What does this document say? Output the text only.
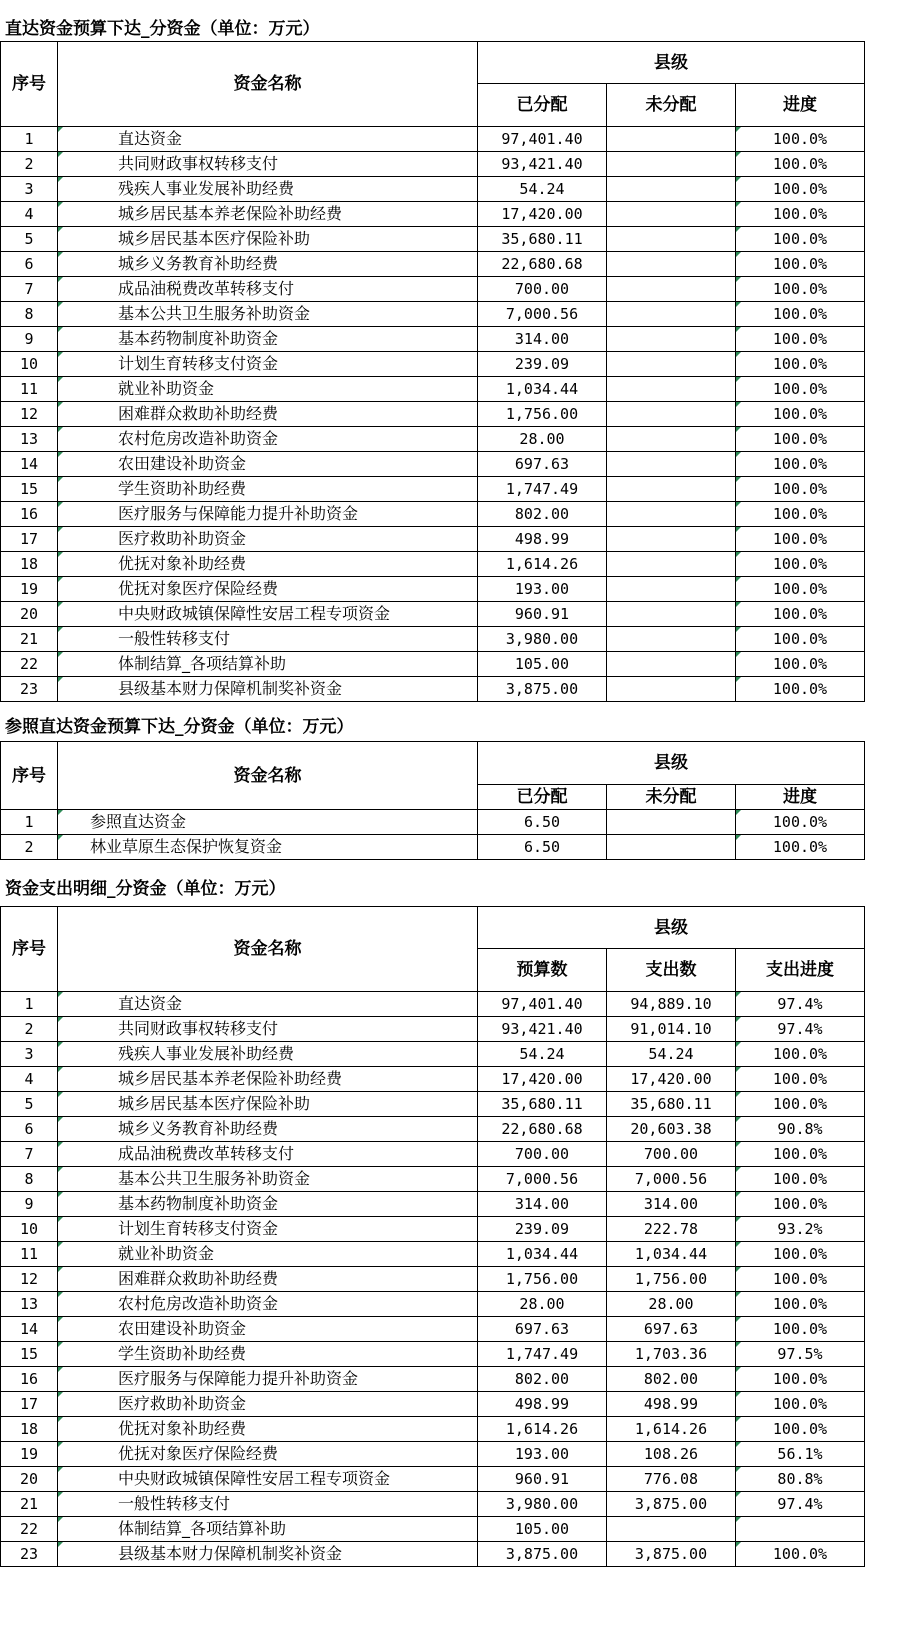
直达资金预算下达_分资金（单位：万元）
序号	资金名称	县级		
		已分配	未分配	进度
1	直达资金	97,401.40		100.0%
2	共同财政事权转移支付	93,421.40		100.0%
3	残疾人事业发展补助经费	54.24		100.0%
4	城乡居民基本养老保险补助经费	17,420.00		100.0%
5	城乡居民基本医疗保险补助	35,680.11		100.0%
6	城乡义务教育补助经费	22,680.68		100.0%
7	成品油税费改革转移支付	700.00		100.0%
8	基本公共卫生服务补助资金	7,000.56		100.0%
9	基本药物制度补助资金	314.00		100.0%
10	计划生育转移支付资金	239.09		100.0%
11	就业补助资金	1,034.44		100.0%
12	困难群众救助补助经费	1,756.00		100.0%
13	农村危房改造补助资金	28.00		100.0%
14	农田建设补助资金	697.63		100.0%
15	学生资助补助经费	1,747.49		100.0%
16	医疗服务与保障能力提升补助资金	802.00		100.0%
17	医疗救助补助资金	498.99		100.0%
18	优抚对象补助经费	1,614.26		100.0%
19	优抚对象医疗保险经费	193.00		100.0%
20	中央财政城镇保障性安居工程专项资金	960.91		100.0%
21	一般性转移支付	3,980.00		100.0%
22	体制结算_各项结算补助	105.00		100.0%
23	县级基本财力保障机制奖补资金	3,875.00		100.0%
参照直达资金预算下达_分资金（单位：万元）
序号	资金名称	县级		
		已分配	未分配	进度
1	参照直达资金	6.50		100.0%
2	林业草原生态保护恢复资金	6.50		100.0%
资金支出明细_分资金（单位：万元）
序号	资金名称	县级		
		预算数	支出数	支出进度
1	直达资金	97,401.40	94,889.10	97.4%
2	共同财政事权转移支付	93,421.40	91,014.10	97.4%
3	残疾人事业发展补助经费	54.24	54.24	100.0%
4	城乡居民基本养老保险补助经费	17,420.00	17,420.00	100.0%
5	城乡居民基本医疗保险补助	35,680.11	35,680.11	100.0%
6	城乡义务教育补助经费	22,680.68	20,603.38	90.8%
7	成品油税费改革转移支付	700.00	700.00	100.0%
8	基本公共卫生服务补助资金	7,000.56	7,000.56	100.0%
9	基本药物制度补助资金	314.00	314.00	100.0%
10	计划生育转移支付资金	239.09	222.78	93.2%
11	就业补助资金	1,034.44	1,034.44	100.0%
12	困难群众救助补助经费	1,756.00	1,756.00	100.0%
13	农村危房改造补助资金	28.00	28.00	100.0%
14	农田建设补助资金	697.63	697.63	100.0%
15	学生资助补助经费	1,747.49	1,703.36	97.5%
16	医疗服务与保障能力提升补助资金	802.00	802.00	100.0%
17	医疗救助补助资金	498.99	498.99	100.0%
18	优抚对象补助经费	1,614.26	1,614.26	100.0%
19	优抚对象医疗保险经费	193.00	108.26	56.1%
20	中央财政城镇保障性安居工程专项资金	960.91	776.08	80.8%
21	一般性转移支付	3,980.00	3,875.00	97.4%
22	体制结算_各项结算补助	105.00		
23	县级基本财力保障机制奖补资金	3,875.00	3,875.00	100.0%
